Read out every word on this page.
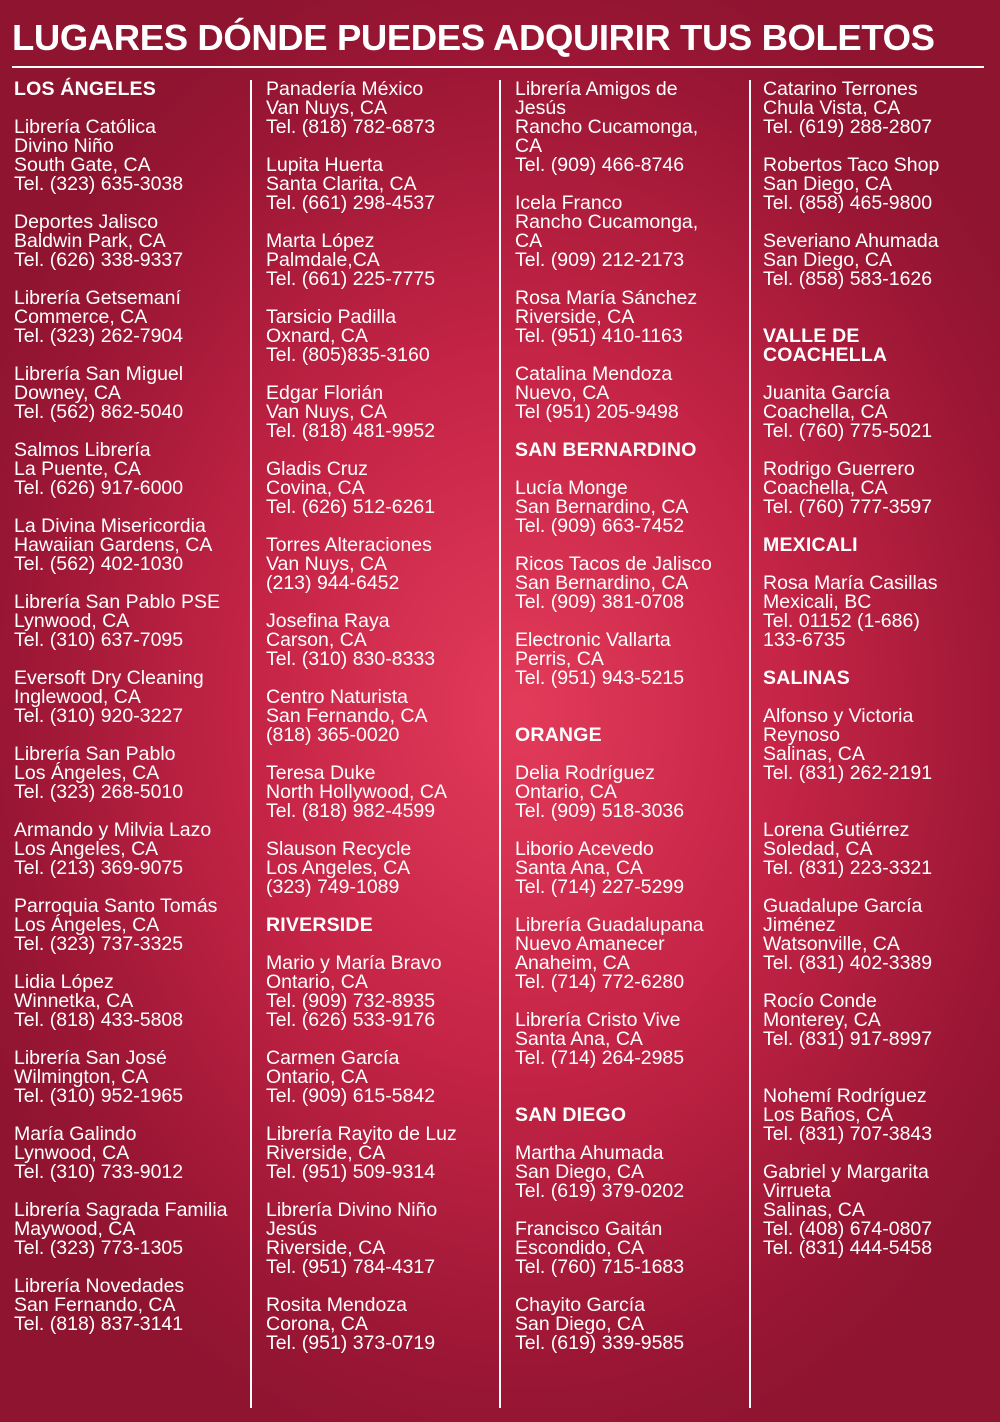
LUGARES DÓNDE PUEDES ADQUIRIR TUS BOLETOS
LOS ÁNGELES
Librería Católica
Divino Niño
South Gate, CA
Tel. (323) 635-3038
Deportes Jalisco
Baldwin Park, CA
Tel. (626) 338-9337
Librería Getsemaní
Commerce, CA
Tel. (323) 262-7904
Librería San Miguel
Downey, CA
Tel. (562) 862-5040
Salmos Librería
La Puente, CA
Tel. (626) 917-6000
La Divina Misericordia
Hawaiian Gardens, CA
Tel. (562) 402-1030
Librería San Pablo PSE
Lynwood, CA
Tel. (310) 637-7095
Eversoft Dry Cleaning
Inglewood, CA
Tel. (310) 920-3227
Librería San Pablo
Los Ángeles, CA
Tel. (323) 268-5010
Armando y Milvia Lazo
Los Angeles, CA
Tel. (213) 369-9075
Parroquia Santo Tomás
Los Ángeles, CA
Tel. (323) 737-3325
Lidia López
Winnetka, CA
Tel. (818) 433-5808
Librería San José
Wilmington, CA
Tel. (310) 952-1965
María Galindo
Lynwood, CA
Tel. (310) 733-9012
Librería Sagrada Familia
Maywood, CA
Tel. (323) 773-1305
Librería Novedades
San Fernando, CA
Tel. (818) 837-3141
Panadería México
Van Nuys, CA
Tel. (818) 782-6873
Lupita Huerta
Santa Clarita, CA
Tel. (661) 298-4537
Marta López
Palmdale,CA
Tel. (661) 225-7775
Tarsicio Padilla
Oxnard, CA
Tel. (805)835-3160
Edgar Florián
Van Nuys, CA
Tel. (818) 481-9952
Gladis Cruz
Covina, CA
Tel. (626) 512-6261
Torres Alteraciones
Van Nuys, CA
(213) 944-6452
Josefina Raya
Carson, CA
Tel. (310) 830-8333
Centro Naturista
San Fernando, CA
(818) 365-0020
Teresa Duke
North Hollywood, CA
Tel. (818) 982-4599
Slauson Recycle
Los Angeles, CA
(323) 749-1089
RIVERSIDE
Mario y María Bravo
Ontario, CA
Tel. (909) 732-8935
Tel. (626) 533-9176
Carmen García
Ontario, CA
Tel. (909) 615-5842
Librería Rayito de Luz
Riverside, CA
Tel. (951) 509-9314
Librería Divino Niño
Jesús
Riverside, CA
Tel. (951) 784-4317
Rosita Mendoza
Corona, CA
Tel. (951) 373-0719
Librería Amigos de
Jesús
Rancho Cucamonga,
CA
Tel. (909) 466-8746
Icela Franco
Rancho Cucamonga,
CA
Tel. (909) 212-2173
Rosa María Sánchez
Riverside, CA
Tel. (951) 410-1163
Catalina Mendoza
Nuevo, CA
Tel (951) 205-9498
SAN BERNARDINO
Lucía Monge
San Bernardino, CA
Tel. (909) 663-7452
Ricos Tacos de Jalisco
San Bernardino, CA
Tel. (909) 381-0708
Electronic Vallarta
Perris, CA
Tel. (951) 943-5215
ORANGE
Delia Rodríguez
Ontario, CA
Tel. (909) 518-3036
Liborio Acevedo
Santa Ana, CA
Tel. (714) 227-5299
Librería Guadalupana
Nuevo Amanecer
Anaheim, CA
Tel. (714) 772-6280
Librería Cristo Vive
Santa Ana, CA
Tel. (714) 264-2985
SAN DIEGO
Martha Ahumada
San Diego, CA
Tel. (619) 379-0202
Francisco Gaitán
Escondido, CA
Tel. (760) 715-1683
Chayito García
San Diego, CA
Tel. (619) 339-9585
Catarino Terrones
Chula Vista, CA
Tel. (619) 288-2807
Robertos Taco Shop
San Diego, CA
Tel. (858) 465-9800
Severiano Ahumada
San Diego, CA
Tel. (858) 583-1626
VALLE DE
COACHELLA
Juanita García
Coachella, CA
Tel. (760) 775-5021
Rodrigo Guerrero
Coachella, CA
Tel. (760) 777-3597
MEXICALI
Rosa María Casillas
Mexicali, BC
Tel. 01152 (1-686)
133-6735
SALINAS
Alfonso y Victoria
Reynoso
Salinas, CA
Tel. (831) 262-2191
Lorena Gutiérrez
Soledad, CA
Tel. (831) 223-3321
Guadalupe García
Jiménez
Watsonville, CA
Tel. (831) 402-3389
Rocío Conde
Monterey, CA
Tel. (831) 917-8997
Nohemí Rodríguez
Los Baños, CA
Tel. (831) 707-3843
Gabriel y Margarita
Virrueta
Salinas, CA
Tel. (408) 674-0807
Tel. (831) 444-5458
